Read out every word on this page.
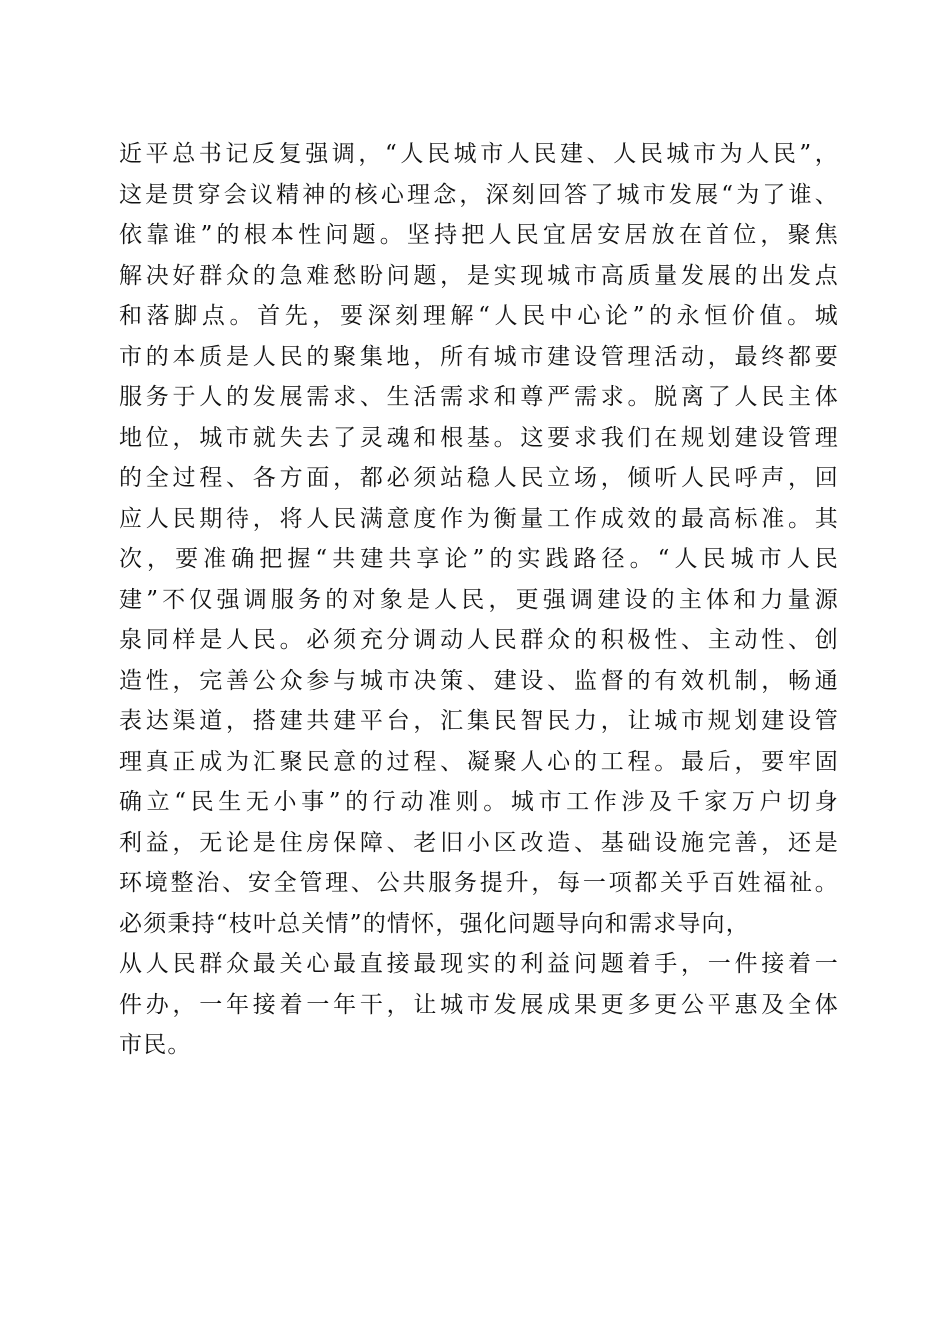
近平总书记反复强调，“人民城市人民建、人民城市为人民”，
这是贯穿会议精神的核心理念，深刻回答了城市发展“为了谁、
依靠谁”的根本性问题。坚持把人民宜居安居放在首位，聚焦
解决好群众的急难愁盼问题，是实现城市高质量发展的出发点
和落脚点。首先，要深刻理解“人民中心论”的永恒价值。城
市的本质是人民的聚集地，所有城市建设管理活动，最终都要
服务于人的发展需求、生活需求和尊严需求。脱离了人民主体
地位，城市就失去了灵魂和根基。这要求我们在规划建设管理
的全过程、各方面，都必须站稳人民立场，倾听人民呼声，回
应人民期待，将人民满意度作为衡量工作成效的最高标准。其
次，要准确把握“共建共享论”的实践路径。“人民城市人民
建”不仅强调服务的对象是人民，更强调建设的主体和力量源
泉同样是人民。必须充分调动人民群众的积极性、主动性、创
造性，完善公众参与城市决策、建设、监督的有效机制，畅通
表达渠道，搭建共建平台，汇集民智民力，让城市规划建设管
理真正成为汇聚民意的过程、凝聚人心的工程。最后，要牢固
确立“民生无小事”的行动准则。城市工作涉及千家万户切身
利益，无论是住房保障、老旧小区改造、基础设施完善，还是
环境整治、安全管理、公共服务提升，每一项都关乎百姓福祉。
必须秉持“枝叶总关情”的情怀，强化问题导向和需求导向，
从人民群众最关心最直接最现实的利益问题着手，一件接着一
件办，一年接着一年干，让城市发展成果更多更公平惠及全体
市民。
